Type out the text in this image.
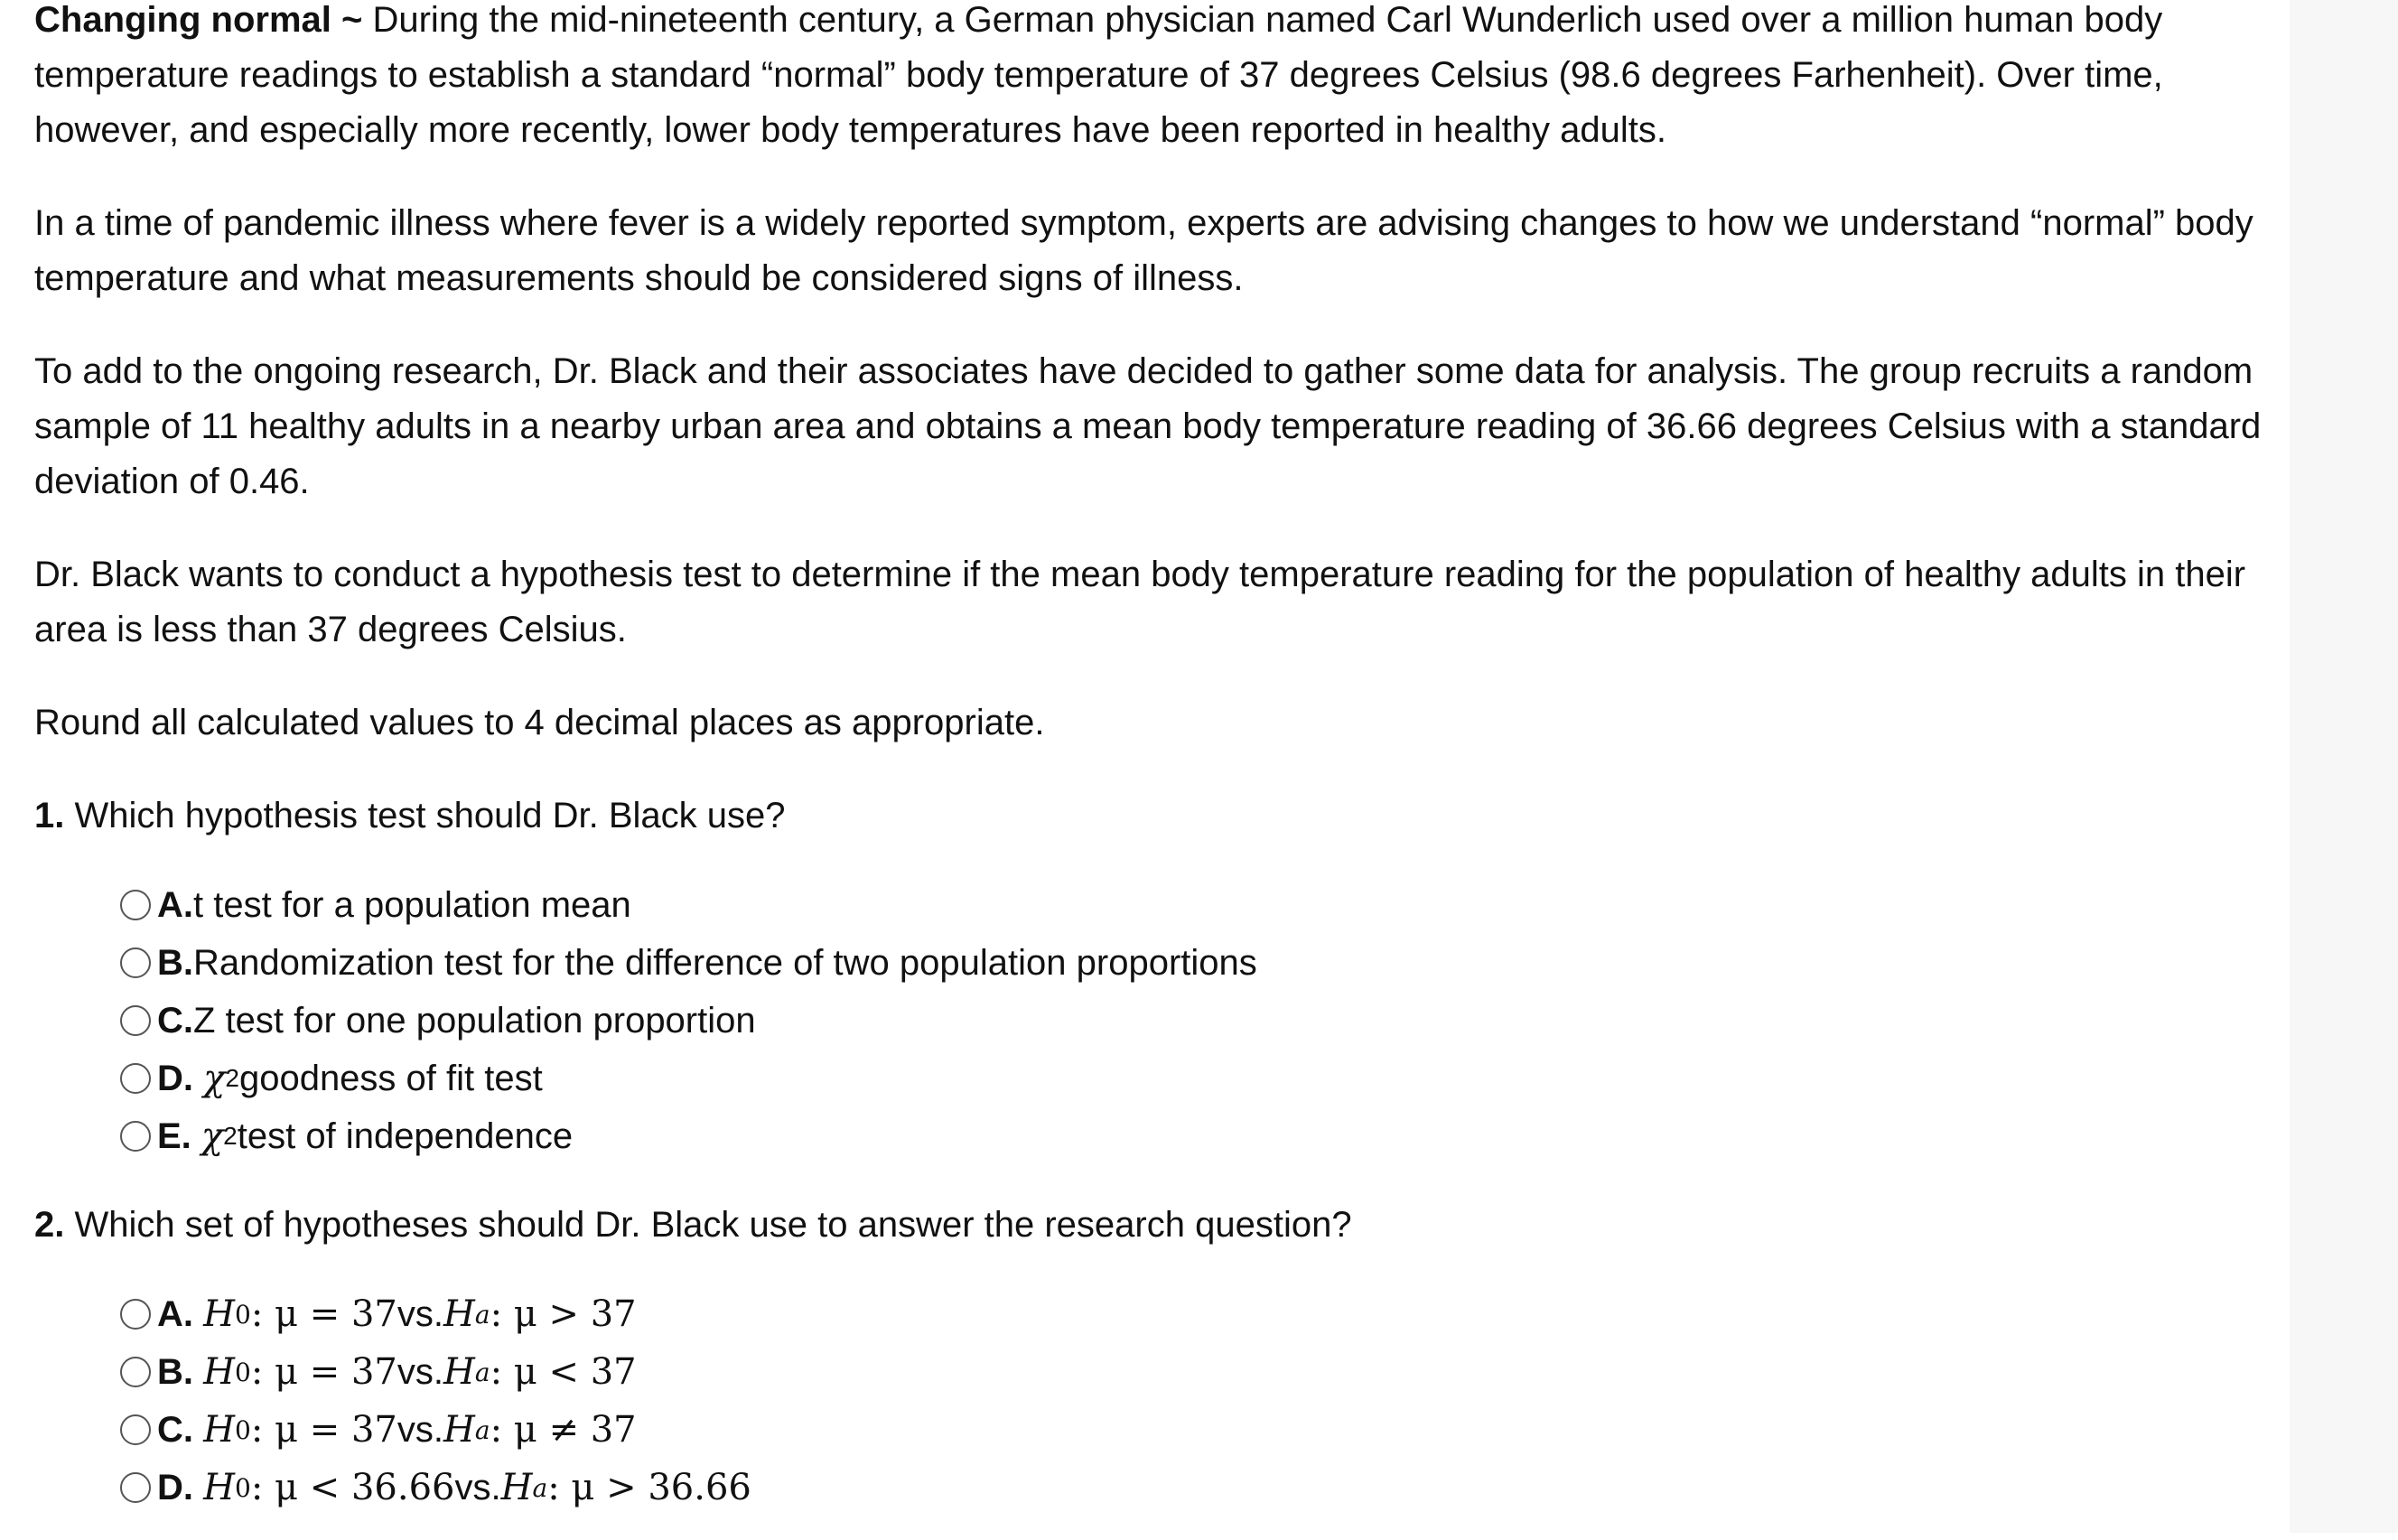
Changing normal ~ During the mid-nineteenth century, a German physician named Carl Wunderlich used over a million human body temperature readings to establish a standard “normal” body temperature of 37 degrees Celsius (98.6 degrees Farhenheit). Over time, however, and especially more recently, lower body temperatures have been reported in healthy adults.

In a time of pandemic illness where fever is a widely reported symptom, experts are advising changes to how we understand “normal” body temperature and what measurements should be considered signs of illness.

To add to the ongoing research, Dr. Black and their associates have decided to gather some data for analysis. The group recruits a random sample of 11 healthy adults in a nearby urban area and obtains a mean body temperature reading of 36.66 degrees Celsius with a standard deviation of 0.46.

Dr. Black wants to conduct a hypothesis test to determine if the mean body temperature reading for the population of healthy adults in their area is less than 37 degrees Celsius.

Round all calculated values to 4 decimal places as appropriate.

1. Which hypothesis test should Dr. Black use?

A. t test for a population mean
B. Randomization test for the difference of two population proportions
C. Z test for one population proportion
D.
χ 2 goodness of fit test
E.
χ 2 test of independence

2. Which set of hypotheses should Dr. Black use to answer the research question?

A.
H 0 : μ = 37 vs. H a : μ > 37
B.
H 0 : μ = 37 vs. H a : μ < 37
C.
H 0 : μ = 37 vs. H a : μ ≠ 37
D.
H 0 : μ < 36.66 vs. H a : μ > 36.66
